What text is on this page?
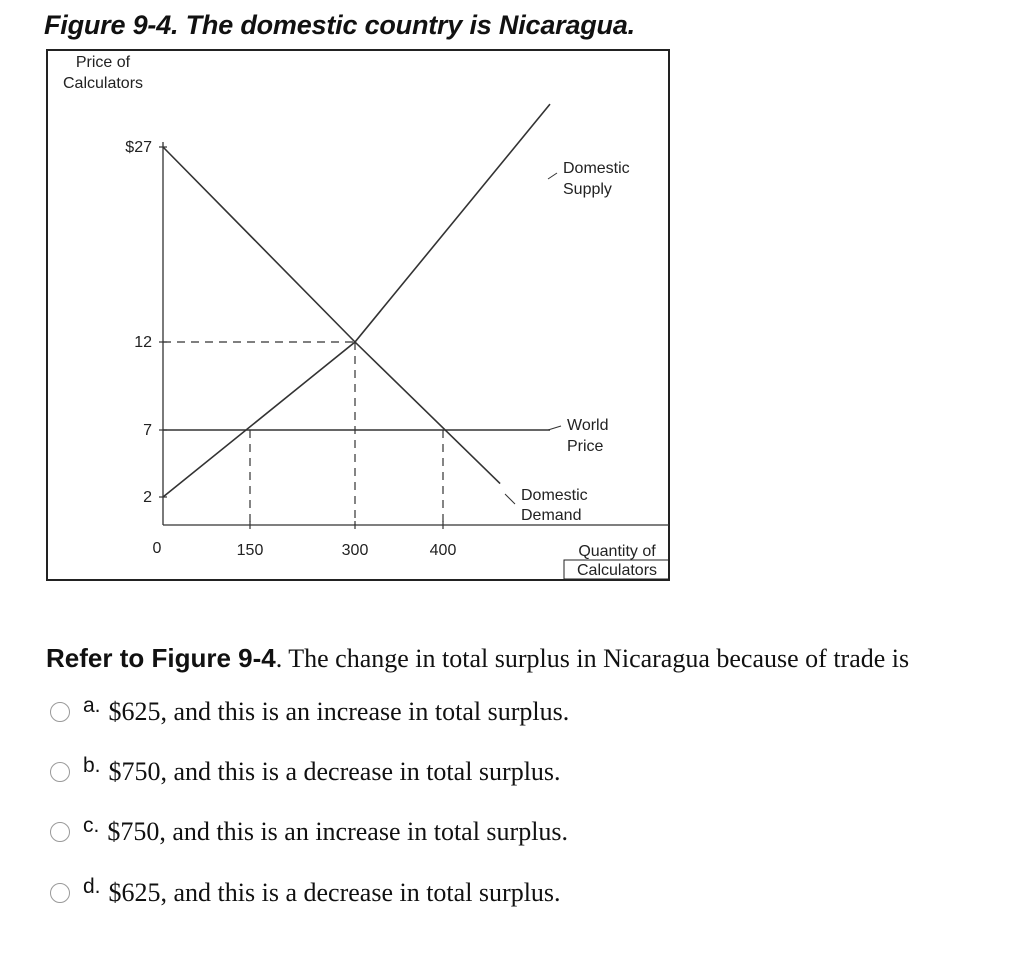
Figure 9-4. The domestic country is Nicaragua.
Price of
Calculators
Quantity of
Calculators
$27
12
7
2
0	150	300	400
Domestic
Supply
Domestic
Demand
World
Price
Refer to Figure 9-4. The change in total surplus in Nicaragua because of trade is
a. $625, and this is an increase in total surplus.
b. $750, and this is a decrease in total surplus.
c. $750, and this is an increase in total surplus.
d. $625, and this is a decrease in total surplus.
